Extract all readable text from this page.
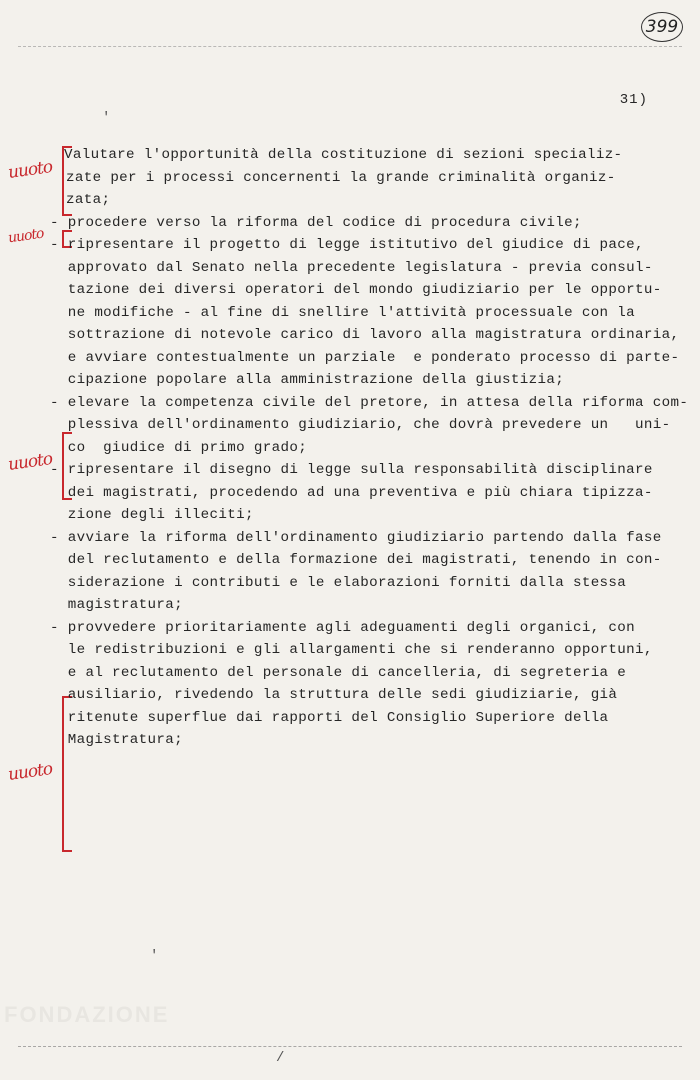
399
31)
'
uuoto
uuoto
uuoto
uuoto
Valutare l'opportunità della costituzione di sezioni specializ-
zate per i processi concernenti la grande criminalità organiz-
zata;
- procedere verso la riforma del codice di procedura civile;
- ripresentare il progetto di legge istitutivo del giudice di pace,
approvato dal Senato nella precedente legislatura - previa consul-
tazione dei diversi operatori del mondo giudiziario per le opportu-
ne modifiche - al fine di snellire l'attività processuale con la
sottrazione di notevole carico di lavoro alla magistratura ordinaria,
e avviare contestualmente un parziale  e ponderato processo di parte-
cipazione popolare alla amministrazione della giustizia;
- elevare la competenza civile del pretore, in attesa della riforma com-
plessiva dell'ordinamento giudiziario, che dovrà prevedere un   uni-
co  giudice di primo grado;
- ripresentare il disegno di legge sulla responsabilità disciplinare
dei magistrati, procedendo ad una preventiva e più chiara tipizza-
zione degli illeciti;
- avviare la riforma dell'ordinamento giudiziario partendo dalla fase
del reclutamento e della formazione dei magistrati, tenendo in con-
siderazione i contributi e le elaborazioni forniti dalla stessa
magistratura;
- provvedere prioritariamente agli adeguamenti degli organici, con
le redistribuzioni e gli allargamenti che si renderanno opportuni,
e al reclutamento del personale di cancelleria, di segreteria e
ausiliario, rivedendo la struttura delle sedi giudiziarie, già
ritenute superflue dai rapporti del Consiglio Superiore della
Magistratura;
'
FONDAZIONE
/
